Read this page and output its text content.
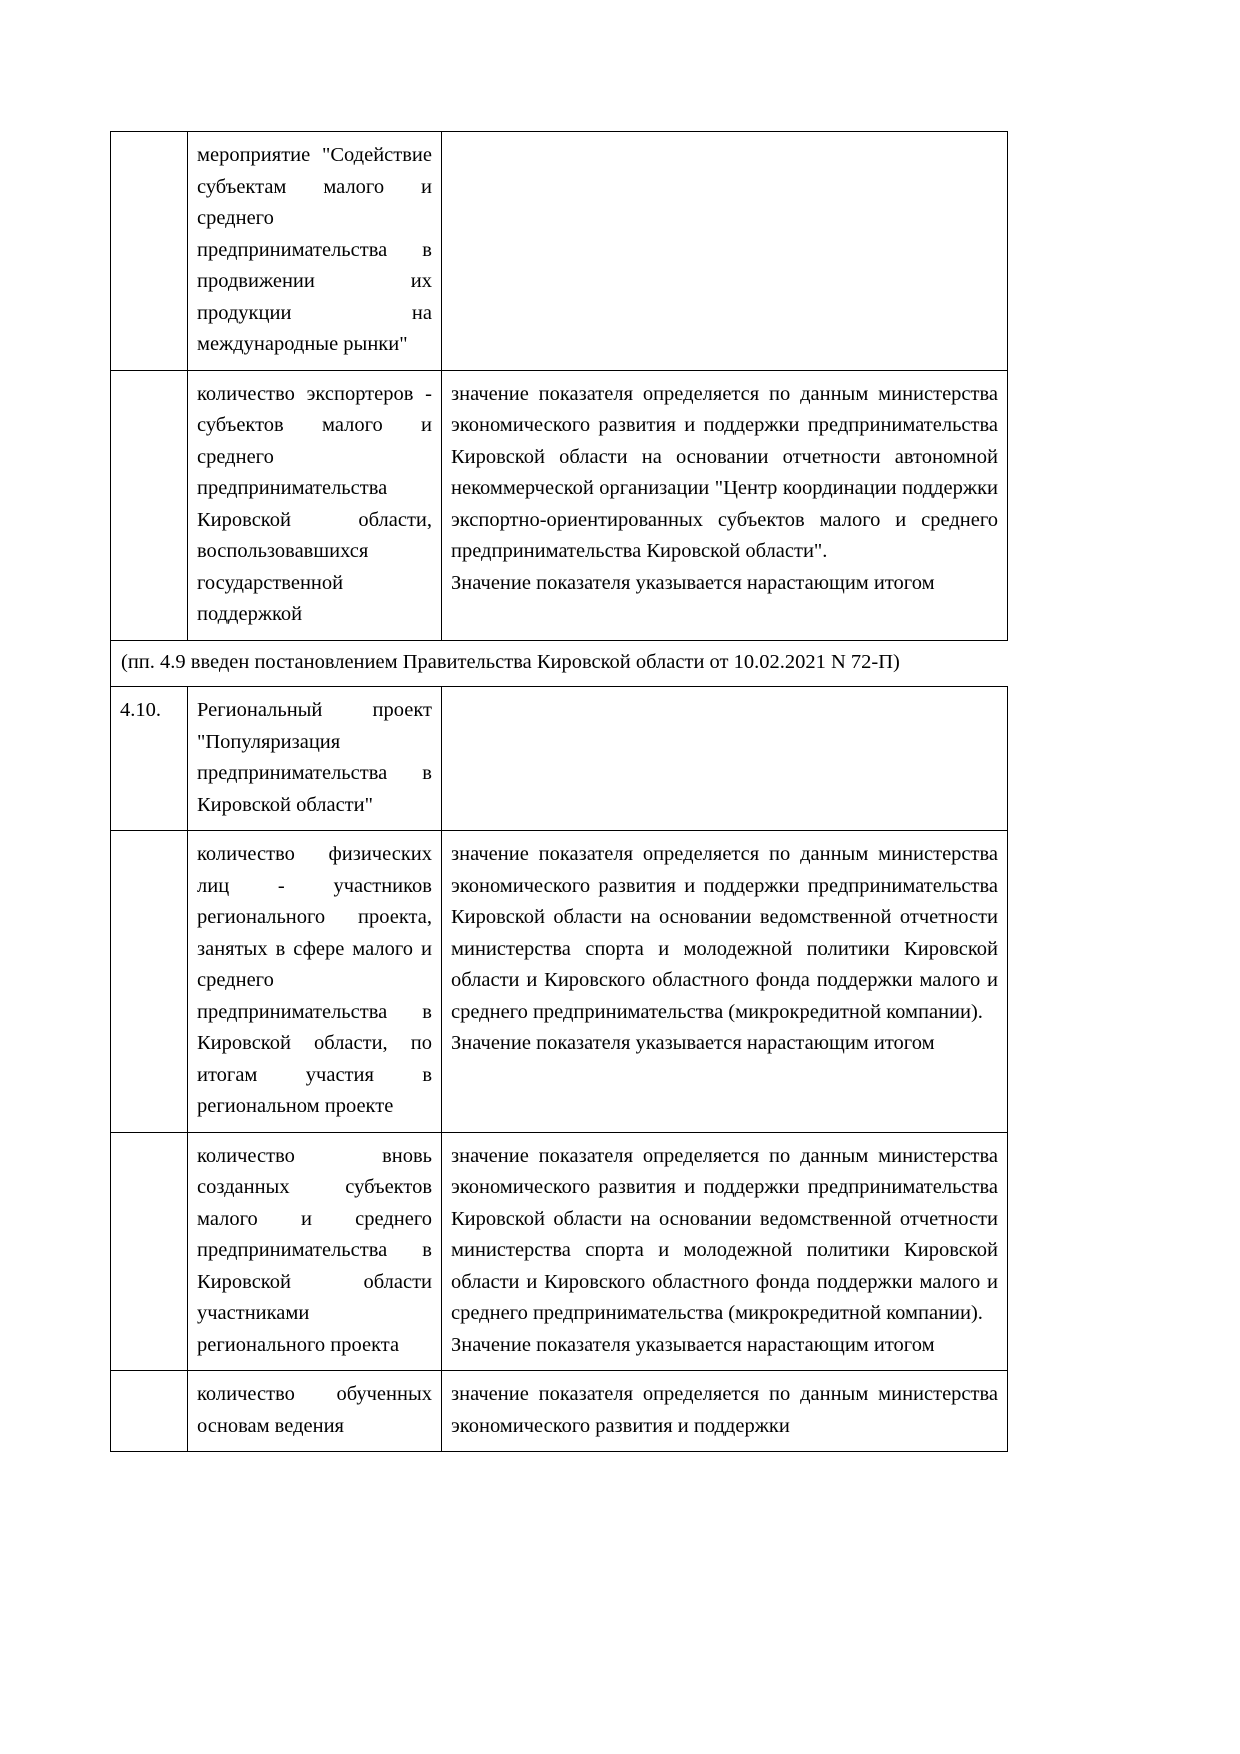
	мероприятие "Содействие субъектам малого и среднего предпринимательства в продвижении их продукции на международные рынки"	
	количество экспортеров - субъектов малого и среднего предпринимательства Кировской области, воспользовавшихся государственной поддержкой	значение показателя определяется по данным министерства экономического развития и поддержки предпринимательства Кировской области на основании отчетности автономной некоммерческой организации "Центр координации поддержки экспортно-ориентированных субъектов малого и среднего предпринимательства Кировской области".

Значение показателя указывается нарастающим итогом

(пп. 4.9 введен постановлением Правительства Кировской области от 10.02.2021 N 72-П)

4.10.	Региональный проект "Популяризация предпринимательства в Кировской области"	
	количество физических лиц - участников регионального проекта, занятых в сфере малого и среднего предпринимательства в Кировской области, по итогам участия в региональном проекте	значение показателя определяется по данным министерства экономического развития и поддержки предпринимательства Кировской области на основании ведомственной отчетности министерства спорта и молодежной политики Кировской области и Кировского областного фонда поддержки малого и среднего предпринимательства (микрокредитной компании).

Значение показателя указывается нарастающим итогом

	количество вновь созданных субъектов малого и среднего предпринимательства в Кировской области участниками регионального проекта	значение показателя определяется по данным министерства экономического развития и поддержки предпринимательства Кировской области на основании ведомственной отчетности министерства спорта и молодежной политики Кировской области и Кировского областного фонда поддержки малого и среднего предпринимательства (микрокредитной компании).

Значение показателя указывается нарастающим итогом

	количество обученных основам ведения	значение показателя определяется по данным министерства экономического развития и поддержки
